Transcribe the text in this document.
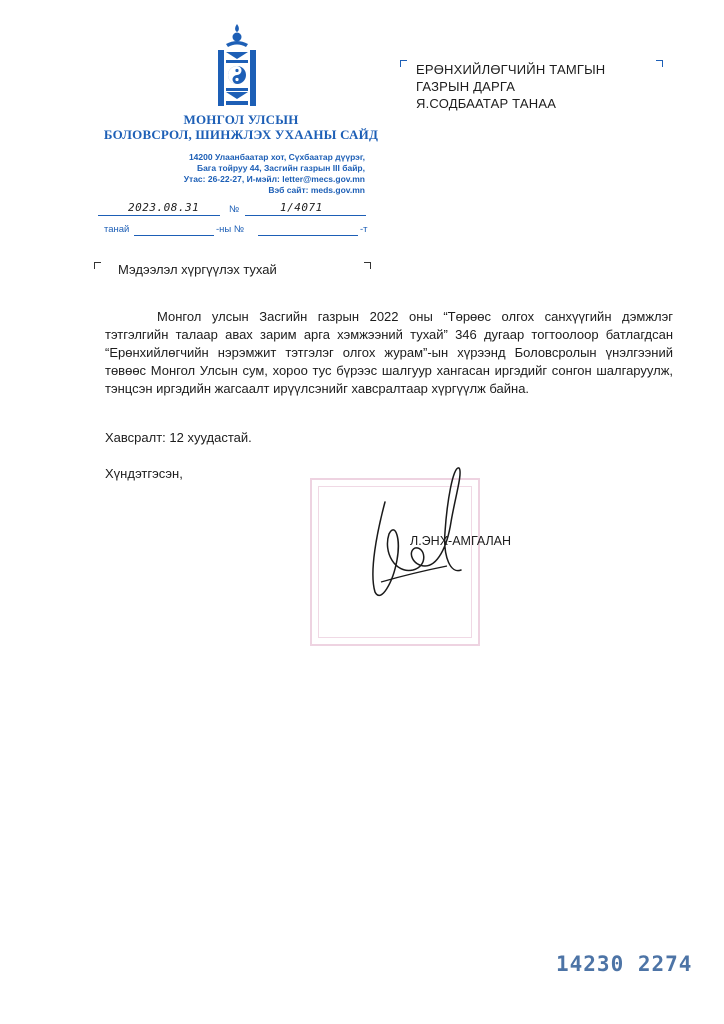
МОНГОЛ УЛСЫН
БОЛОВСРОЛ, ШИНЖЛЭХ УХААНЫ САЙД
14200 Улаанбаатар хот, Сүхбаатар дүүрэг,
Бага тойруу 44, Засгийн газрын III байр,
Утас: 26-22-27, И-мэйл: letter@mecs.gov.mn
Вэб сайт: meds.gov.mn
2023.08.31	№	1/4071
танай	-ны №	-т
ЕРӨНХИЙЛӨГЧИЙН ТАМГЫН
ГАЗРЫН ДАРГА
Я.СОДБААТАР ТАНАА
Мэдээлэл хүргүүлэх тухай

Монгол улсын Засгийн газрын 2022 оны “Төрөөс олгох санхүүгийн дэмжлэг тэтгэлгийн талаар авах зарим арга хэмжээний тухай” 346 дугаар тогтоолоор батлагдсан “Ерөнхийлөгчийн нэрэмжит тэтгэлэг олгох журам”-ын хүрээнд Боловсролын үнэлгээний төвөөс Монгол Улсын сум, хороо тус бүрээс шалгуур хангасан иргэдийг сонгон шалгаруулж, тэнцсэн иргэдийн жагсаалт ирүүлсэнийг хавсралтаар хүргүүлж байна.

Хавсралт: 12 хуудастай.
Хүндэтгэсэн,
Л.ЭНХ-АМГАЛАН
14230 2274
